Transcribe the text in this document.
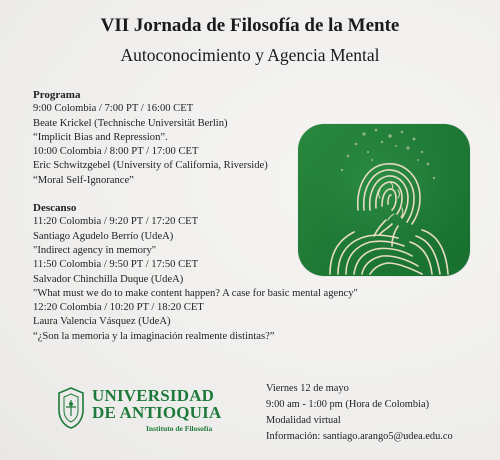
VII Jornada de Filosofía de la Mente
Autoconocimiento y Agencia Mental
Programa
9:00 Colombia / 7:00 PT / 16:00 CET
Beate Krickel (Technische Universität Berlin)
“Implicit Bias and Repression”.
10:00 Colombia / 8:00 PT / 17:00 CET
Eric Schwitzgebel (University of California, Riverside)
“Moral Self-Ignorance”
Descanso
11:20 Colombia / 9:20 PT / 17:20 CET
Santiago Agudelo Berrío (UdeA)
"Indirect agency in memory"
11:50 Colombia / 9:50 PT / 17:50 CET
Salvador Chinchilla Duque (UdeA)
"What must we do to make content happen? A case for basic mental agency"
12:20 Colombia / 10:20 PT / 18:20 CET
Laura Valencia Vásquez (UdeA)
“¿Son la memoria y la imaginación realmente distintas?”
UNIVERSIDAD
DE ANTIOQUIA
Instituto de Filosofía
Viernes 12 de mayo
9:00 am - 1:00 pm (Hora de Colombia)
Modalidad virtual
Información: santiago.arango5@udea.edu.co
